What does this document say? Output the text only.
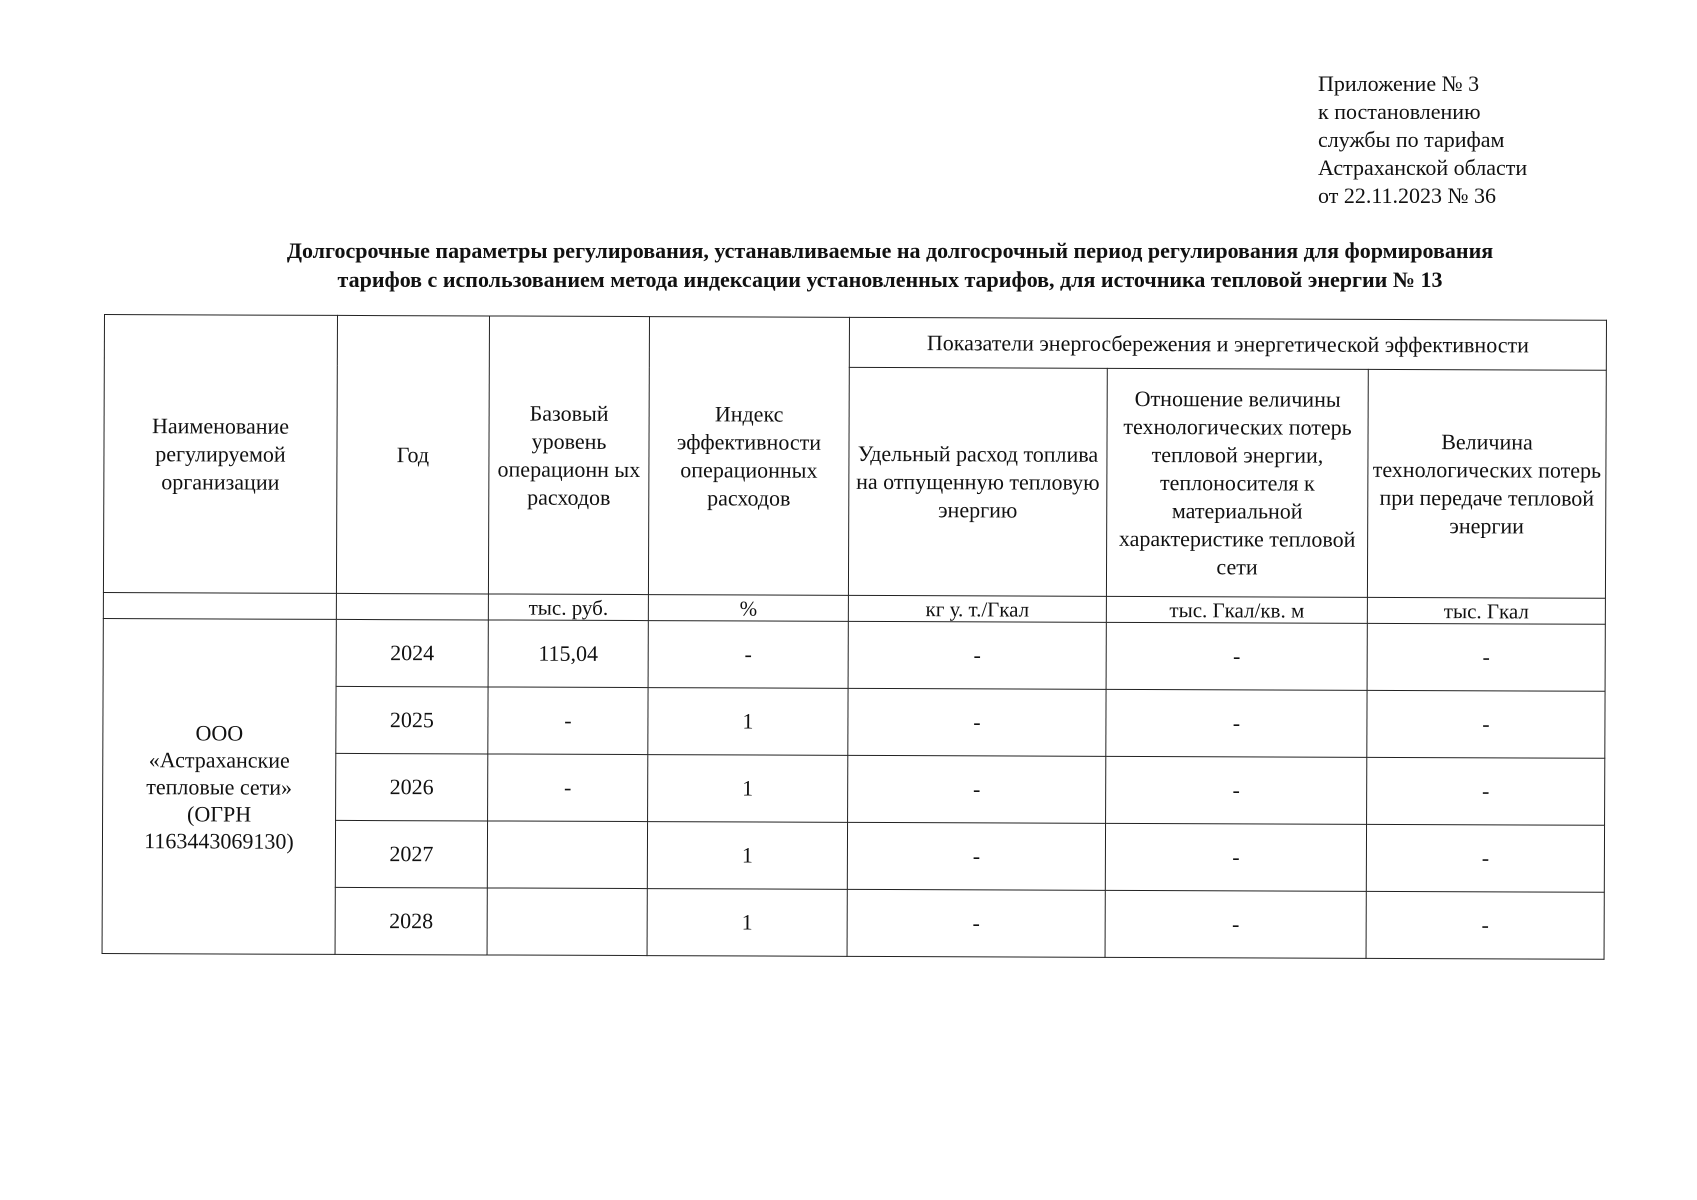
Приложение № 3
к постановлению
службы по тарифам
Астраханской области
от 22.11.2023 № 36
Долгосрочные параметры регулирования, устанавливаемые на долгосрочный период регулирования для формирования
тарифов с использованием метода индексации установленных тарифов, для источника тепловой энергии № 13
Наименование регулируемой организации	Год	Базовый уровень операционн ых расходов	Индекс эффективности операционных расходов	Показатели энергосбережения и энергетической эффективности		
				Удельный расход топлива на отпущенную тепловую энергию	Отношение величины технологических потерь тепловой энергии, теплоносителя к материальной характеристике тепловой сети	Величина технологических потерь при передаче тепловой энергии
		тыс. руб.	%	кг у. т./Гкал	тыс. Гкал/кв. м	тыс. Гкал

ООО
«Астраханские
тепловые сети»
(ОГРН
1163443069130)	2024	115,04	-	-	-	-
	2025	-	1	-	-	-
	2026	-	1	-	-	-
	2027		1	-	-	-
	2028		1	-	-	-
